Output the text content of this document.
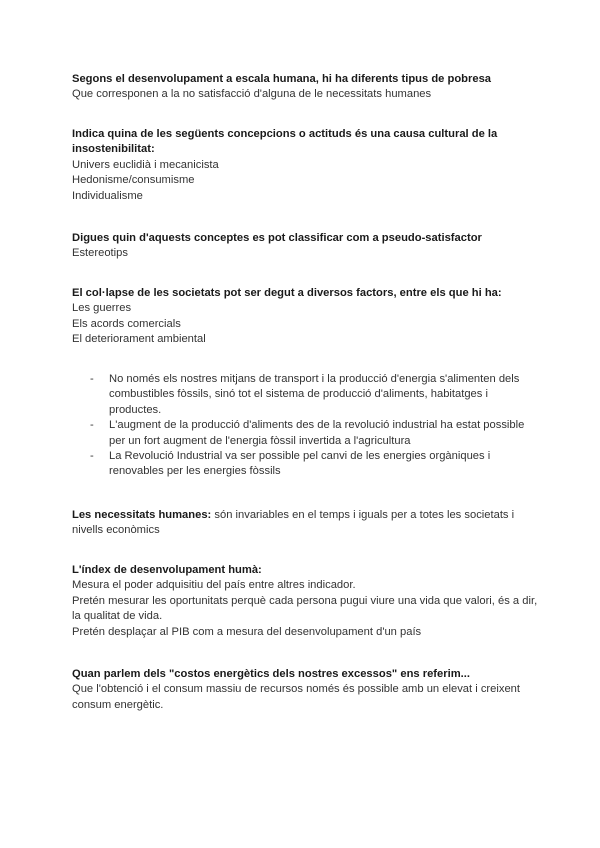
Segons el desenvolupament a escala humana, hi ha diferents tipus de pobresa
Que corresponen a la no satisfacció d'alguna de le necessitats humanes
Indica quina de les següents concepcions o actituds és una causa cultural de la insostenibilitat:
Univers euclidià i mecanicista
Hedonisme/consumisme
Individualisme
Digues quin d'aquests conceptes es pot classificar com a pseudo-satisfactor
Estereotips
El col·lapse de les societats pot ser degut a diversos factors, entre els que hi ha:
Les guerres
Els acords comercials
El deteriorament ambiental
- No només els nostres mitjans de transport i la producció d'energia s'alimenten dels combustibles fòssils, sinó tot el sistema de producció d'aliments, habitatges i productes.
- L'augment de la producció d'aliments des de la revolució industrial ha estat possible per un fort augment de l'energia fòssil invertida a l'agricultura
- La Revolució Industrial va ser possible pel canvi de les energies orgàniques i renovables per les energies fòssils
Les necessitats humanes: són invariables en el temps i iguals per a totes les societats i nivells econòmics
L'índex de desenvolupament humà:
Mesura el poder adquisitiu del país entre altres indicador.
Pretén mesurar les oportunitats perquè cada persona pugui viure una vida que valori, és a dir, la qualitat de vida.
Pretén desplaçar al PIB com a mesura del desenvolupament d'un país
Quan parlem dels "costos energètics dels nostres excessos" ens referim...
Que l'obtenció i el consum massiu de recursos només és possible amb un elevat i creixent consum energètic.
